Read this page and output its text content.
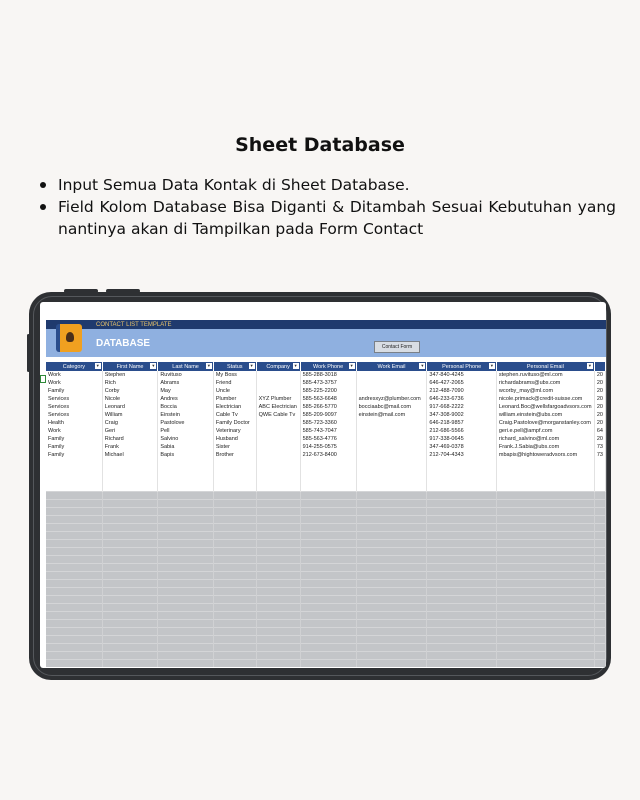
Sheet Database
Input Semua Data Kontak di Sheet Database.
Field Kolom Database Bisa Diganti & Ditambah Sesuai Kebutuhan yang nantinya akan di Tampilkan pada Form Contact
CONTACT LIST TEMPLATE
DATABASE	Contact Form
Category ▼	First Name ▼	Last Name ▼	Status ▼	Company ▼	Work Phone ▼	Work Email ▼	Personal Phone ▼	Personal Email ▼	

Work	Stephen	Ruvituso	My Boss		585-288-3018		347-840-4245	stephen.ruvituso@ml.com	20
Work	Rich	Abrams	Friend		585-473-3757		646-427-2065	richardabrams@ubs.com	20
Family	Corby	May	Uncle		585-225-2200		212-488-7090	wcorby_may@ml.com	20
Services	Nicole	Andres	Plumber	XYZ Plumber	585-563-6648	andresxyz@plumber.com	646-233-6736	nicole.primack@credit-suisse.com	20
Services	Leonard	Boccia	Electrician	ABC Electrician	585-266-5770	bocciaabc@mail.com	917-668-2222	Leonard.Boc@wellsfargoadvsors.com	20
Services	William	Einstein	Cable Tv	QWE Cable Tv	585-209-9097	einstein@mail.com	347-308-9002	william.einstein@ubs.com	20
Health	Craig	Pastolove	Family Doctor		585-723-3360		646-218-9857	Craig.Pastolove@morganstanley.com	20
Work	Geri	Pell	Veterinary		585-743-7047		212-686-5566	geri.e.pell@ampf.com	64
Family	Richard	Salvino	Husband		585-563-4776		917-338-0645	richard_salvino@ml.com	20
Family	Frank	Sabia	Sister		914-255-0575		347-469-0378	Frank.J.Sabia@ubs.com	73
Family	Michael	Bapis	Brother		212-673-8400		212-704-4343	mbapis@hightoweradvsors.com	73
